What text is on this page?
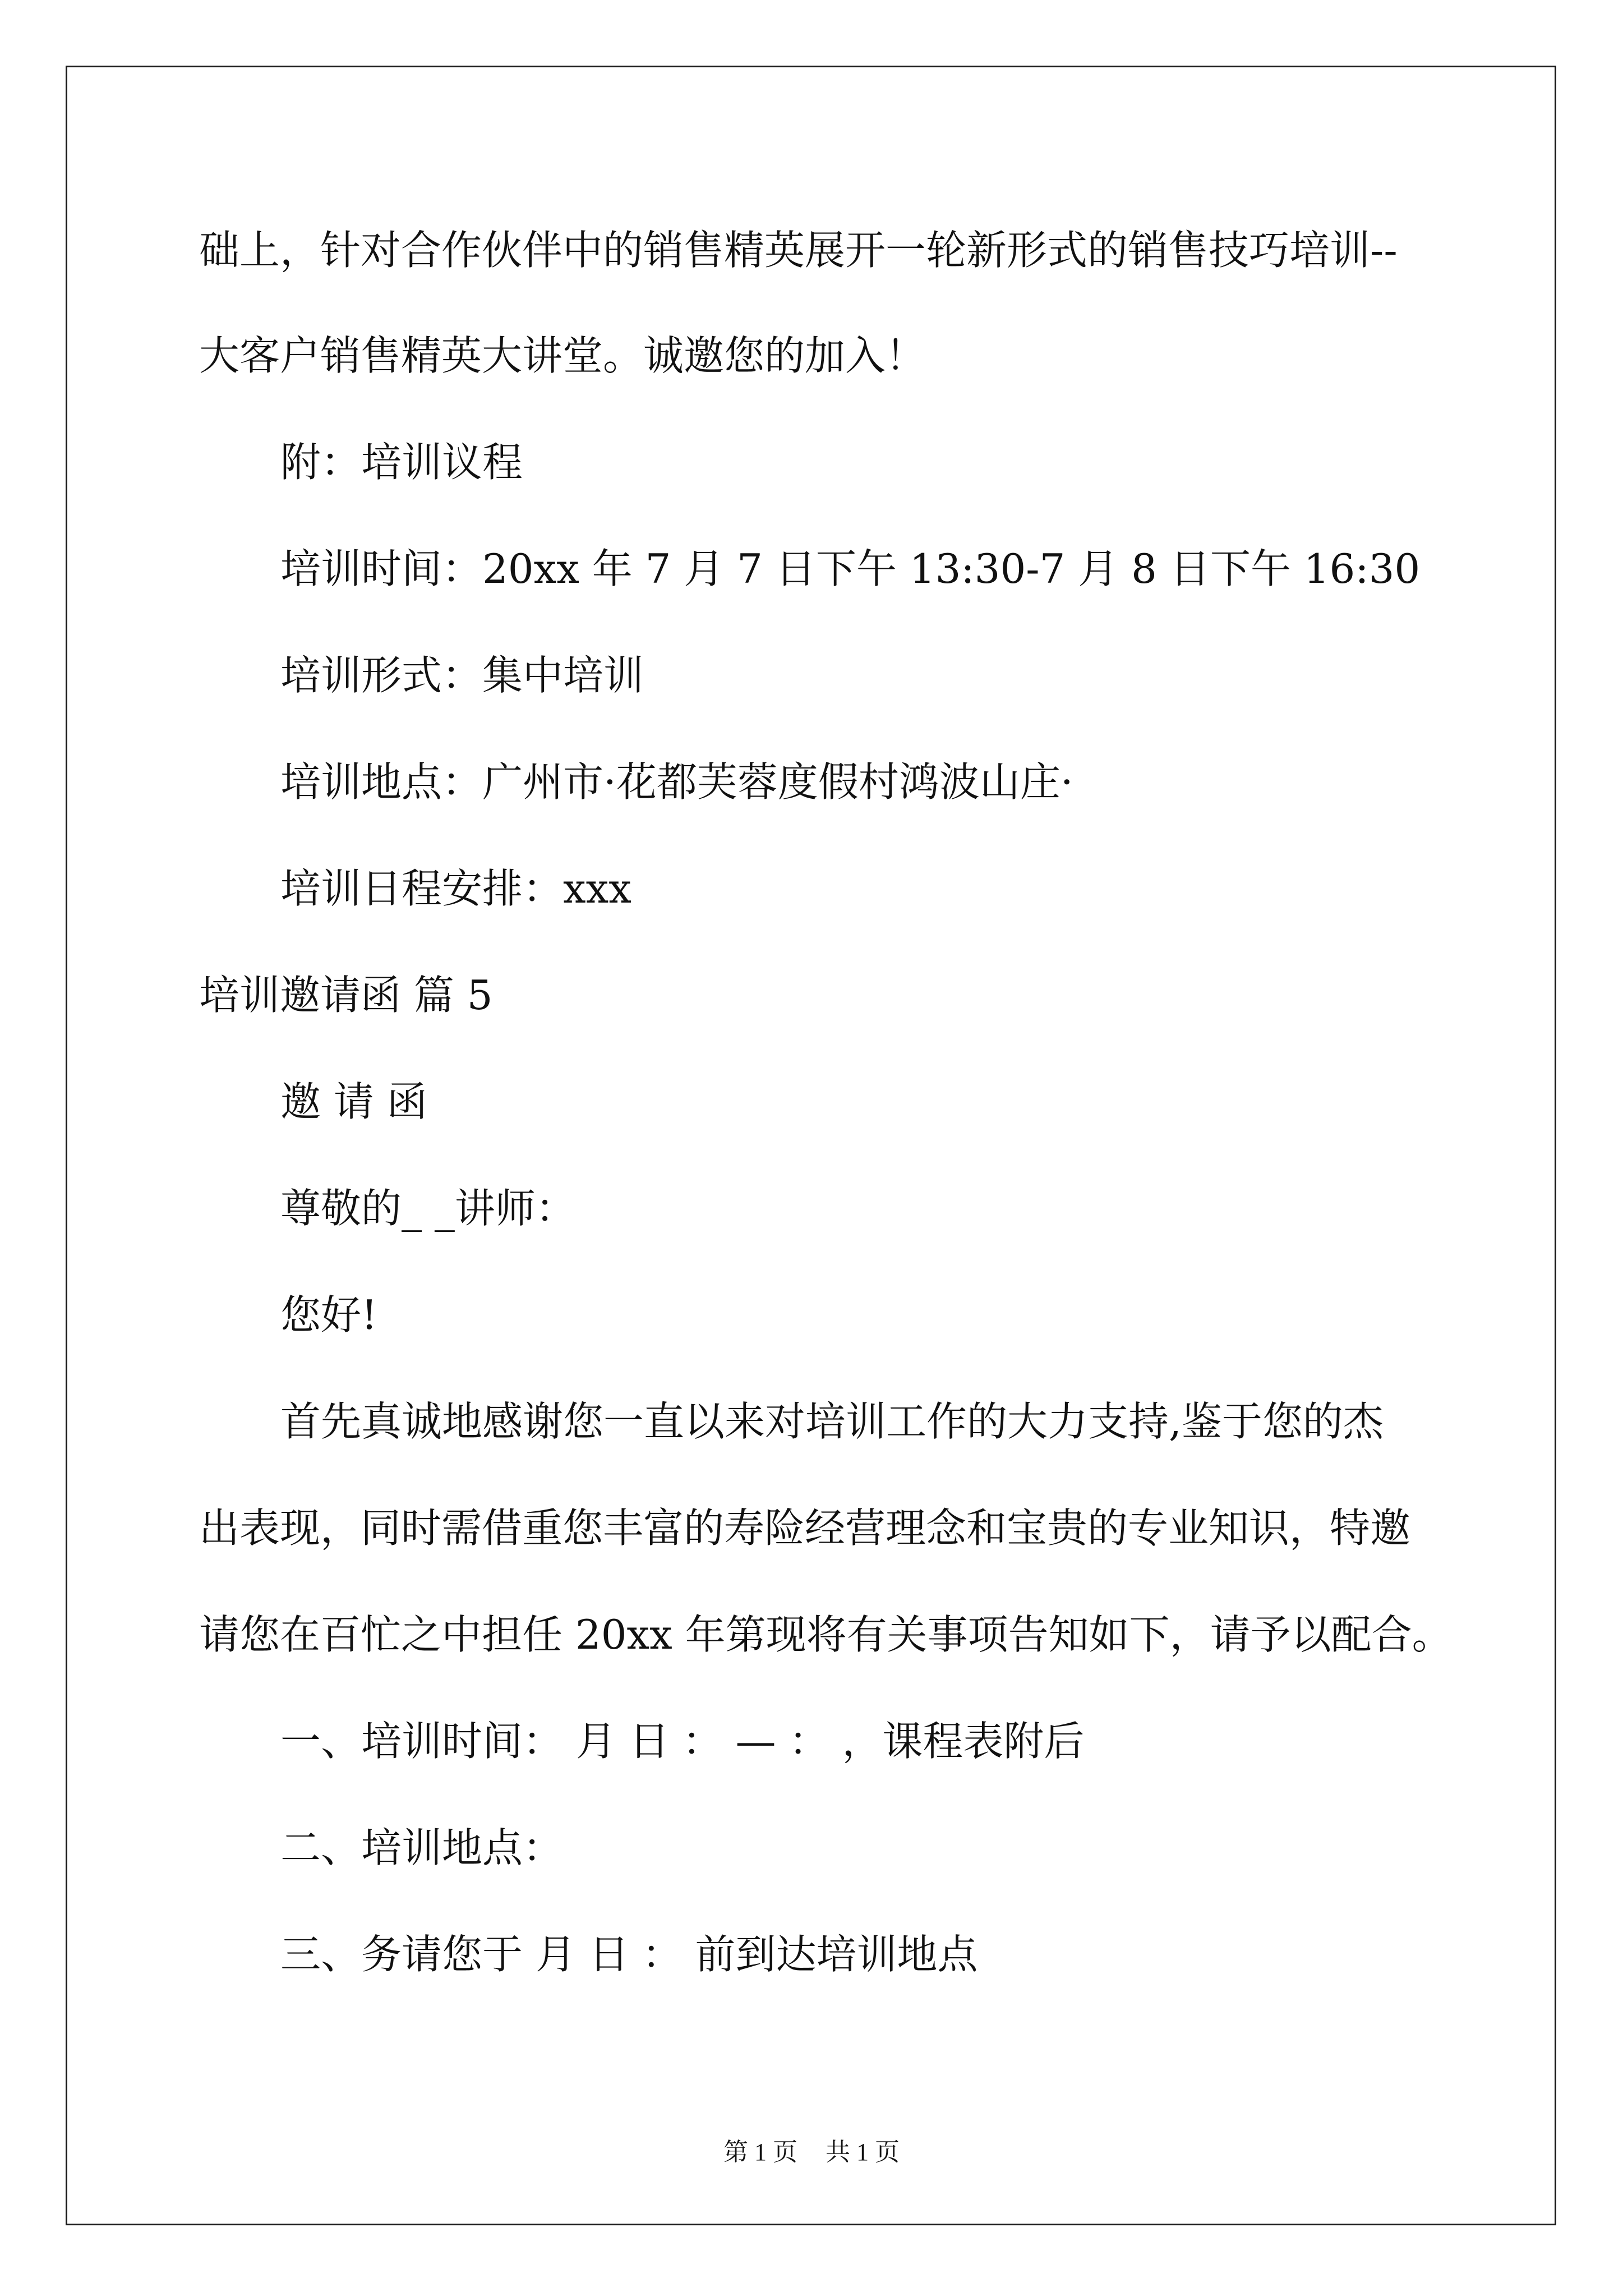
础上，针对合作伙伴中的销售精英展开一轮新形式的销售技巧培训--
大客户销售精英大讲堂。诚邀您的加入！
附：培训议程
培训时间：20xx 年 7 月 7 日下午 13:30-7 月 8 日下午 16:30
培训形式：集中培训
培训地点：广州市·花都芙蓉度假村鸿波山庄·
培训日程安排：xxx
培训邀请函 篇 5
邀 请 函
尊敬的_ _讲师：
您好!
首先真诚地感谢您一直以来对培训工作的大力支持,鉴于您的杰
出表现，同时需借重您丰富的寿险经营理念和宝贵的专业知识，特邀
请您在百忙之中担任 20xx 年第现将有关事项告知如下，请予以配合。
一、培训时间： 月 日 ： — ： ，课程表附后
二、培训地点：
三、务请您于 月 日 ： 前到达培训地点
第 1 页 共 1 页
